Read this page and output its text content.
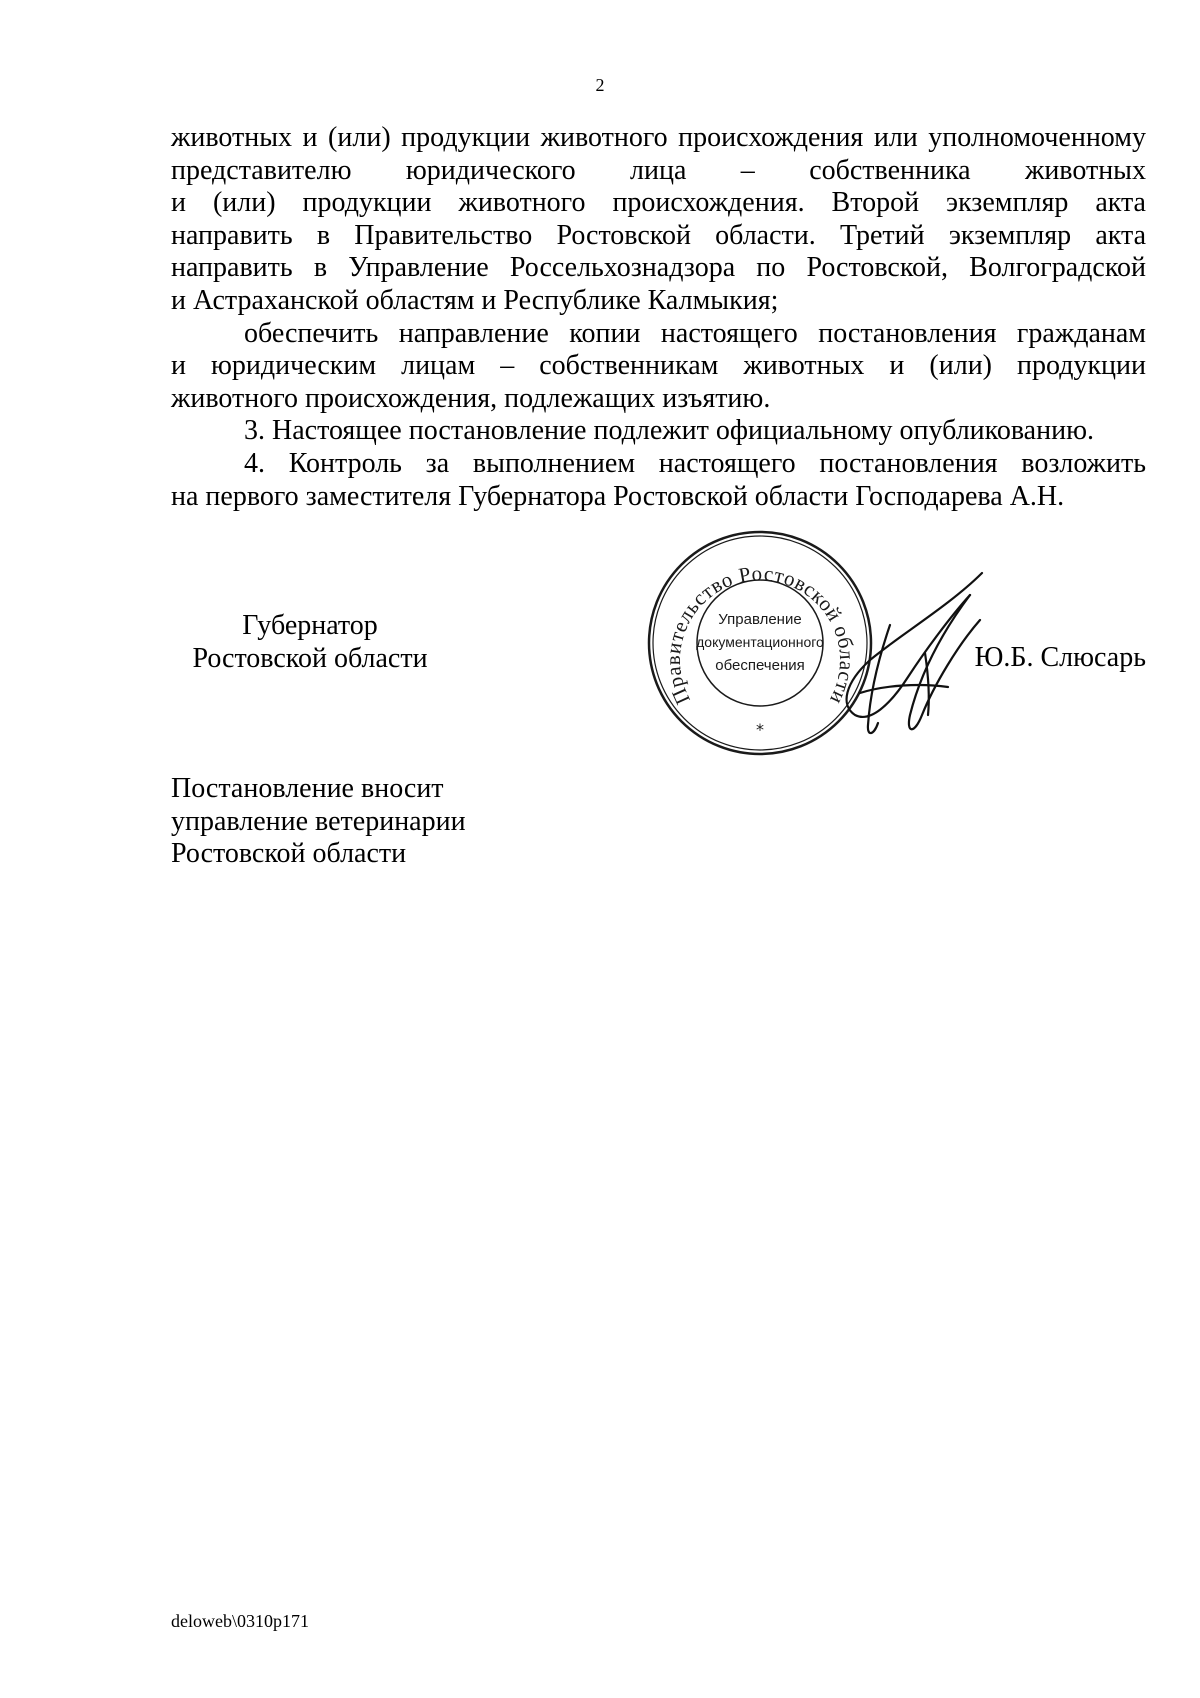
2

животных и (или) продукции животного происхождения или уполномоченному
представителю юридического лица – собственника животных
и (или) продукции животного происхождения. Второй экземпляр акта
направить в Правительство Ростовской области. Третий экземпляр акта
направить в Управление Россельхознадзора по Ростовской, Волгоградской
и Астраханской областям и Республике Калмыкия;

обеспечить направление копии настоящего постановления гражданам
и юридическим лицам – собственникам животных и (или) продукции
животного происхождения, подлежащих изъятию.

3. Настоящее постановление подлежит официальному опубликованию.

4. Контроль за выполнением настоящего постановления возложить
на первого заместителя Губернатора Ростовской области Господарева А.Н.

Губернатор
Ростовской области
Правительство Ростовской области
Управление
документационного
обеспечения
*
Ю.Б. Слюсарь
Постановление вносит
управление ветеринарии
Ростовской области
deloweb\0310p171
